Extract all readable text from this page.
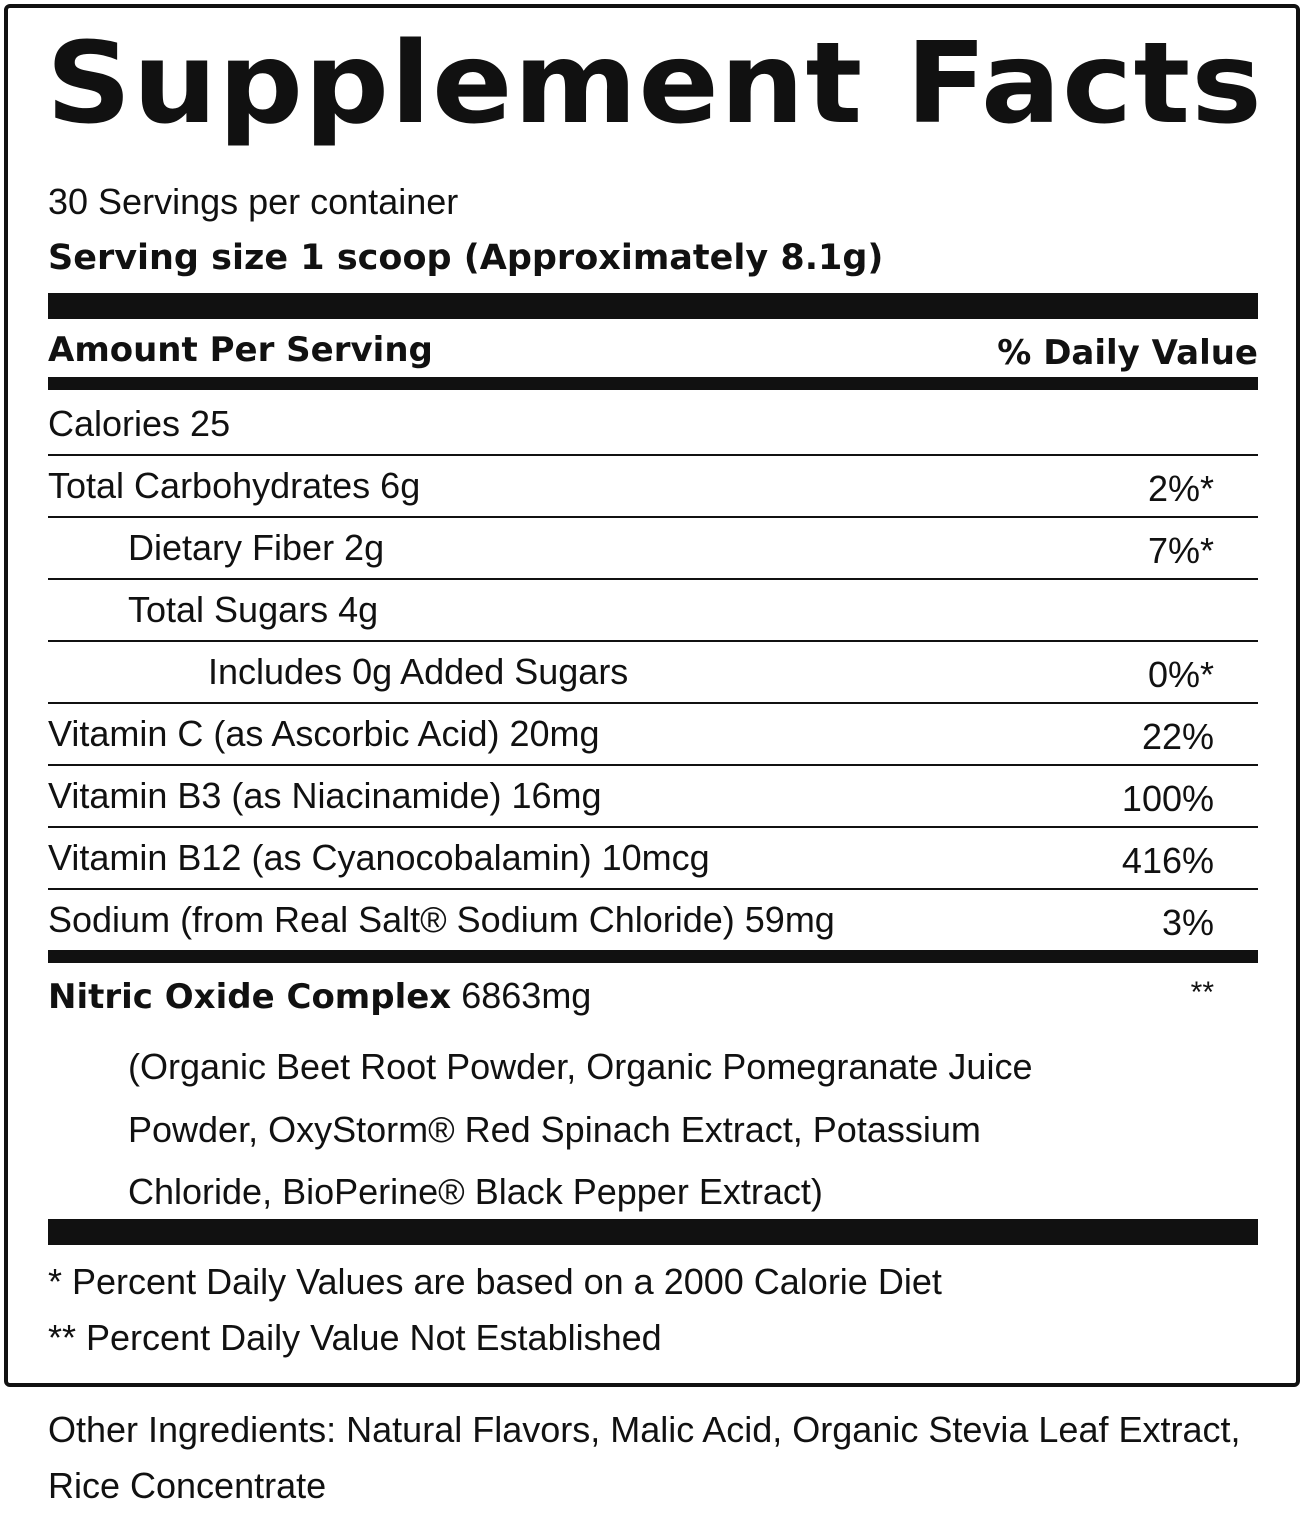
Supplement Facts
30 Servings per container
Serving size 1 scoop (Approximately 8.1g)
Amount Per Serving	% Daily Value
Calories 25
Total Carbohydrates 6g	2%*
Dietary Fiber 2g	7%*
Total Sugars 4g
Includes 0g Added Sugars	0%*
Vitamin C (as Ascorbic Acid) 20mg	22%
Vitamin B3 (as Niacinamide) 16mg	100%
Vitamin B12 (as Cyanocobalamin) 10mcg	416%
Sodium (from Real Salt® Sodium Chloride) 59mg	3%
Nitric Oxide Complex 6863mg	**
(Organic Beet Root Powder, Organic Pomegranate Juice Powder, OxyStorm® Red Spinach Extract, Potassium Chloride, BioPerine® Black Pepper Extract)
* Percent Daily Values are based on a 2000 Calorie Diet
** Percent Daily Value Not Established
Other Ingredients: Natural Flavors, Malic Acid, Organic Stevia Leaf Extract, Rice Concentrate
